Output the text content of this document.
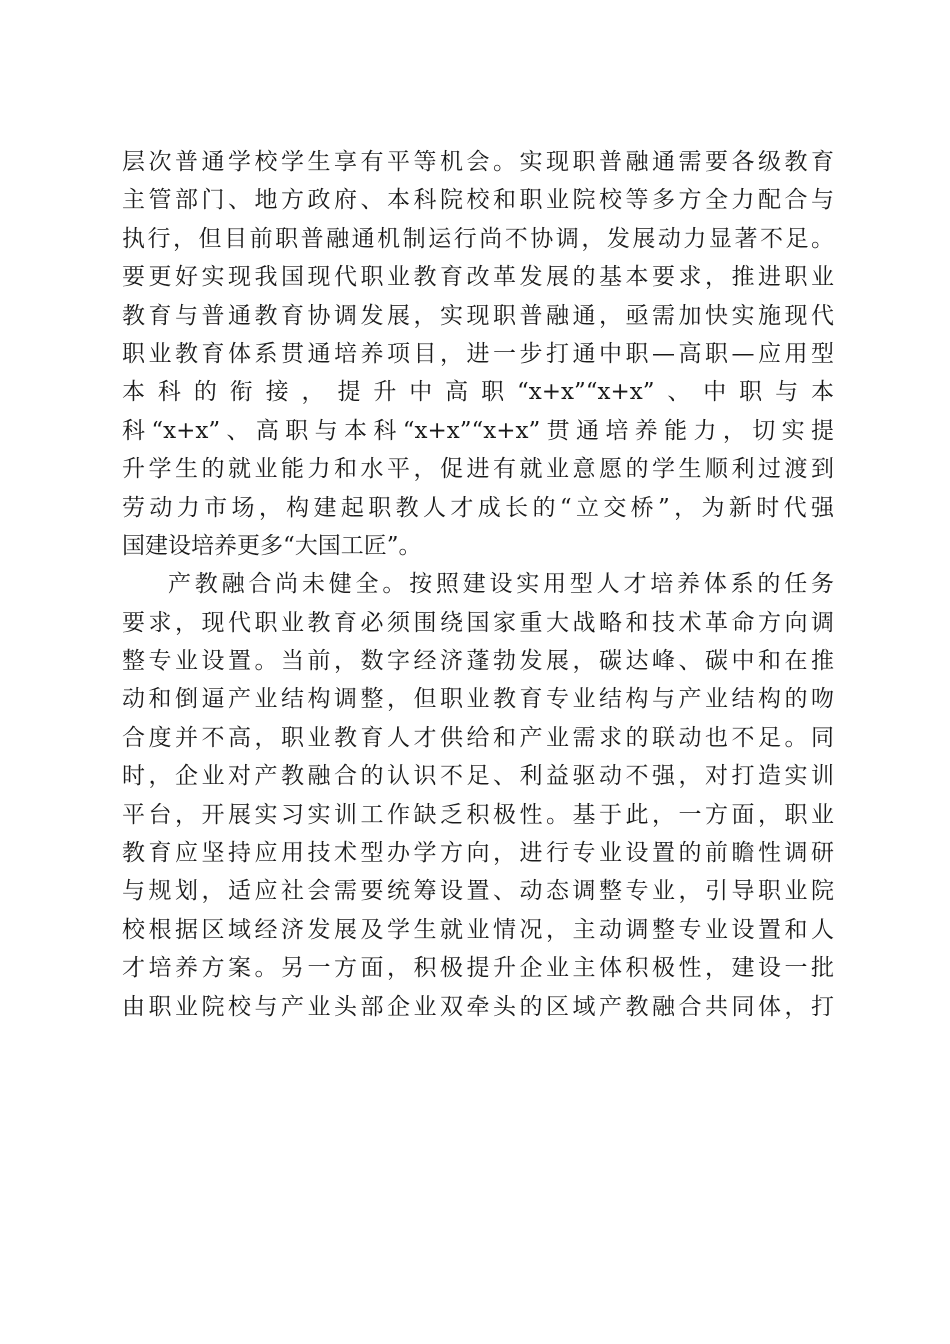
层次普通学校学生享有平等机会。实现职普融通需要各级教育
主管部门、地方政府、本科院校和职业院校等多方全力配合与
执行，但目前职普融通机制运行尚不协调，发展动力显著不足。
要更好实现我国现代职业教育改革发展的基本要求，推进职业
教育与普通教育协调发展，实现职普融通，亟需加快实施现代
职业教育体系贯通培养项目，进一步打通中职—高职—应用型
本科的衔接，提升中高职“x+x”“x+x”、中职与本
科“x+x”、高职与本科“x+x”“x+x”贯通培养能力，切实提
升学生的就业能力和水平，促进有就业意愿的学生顺利过渡到
劳动力市场，构建起职教人才成长的“立交桥”，为新时代强
国建设培养更多“大国工匠”。
产教融合尚未健全。按照建设实用型人才培养体系的任务
要求，现代职业教育必须围绕国家重大战略和技术革命方向调
整专业设置。当前，数字经济蓬勃发展，碳达峰、碳中和在推
动和倒逼产业结构调整，但职业教育专业结构与产业结构的吻
合度并不高，职业教育人才供给和产业需求的联动也不足。同
时，企业对产教融合的认识不足、利益驱动不强，对打造实训
平台，开展实习实训工作缺乏积极性。基于此，一方面，职业
教育应坚持应用技术型办学方向，进行专业设置的前瞻性调研
与规划，适应社会需要统筹设置、动态调整专业，引导职业院
校根据区域经济发展及学生就业情况，主动调整专业设置和人
才培养方案。另一方面，积极提升企业主体积极性，建设一批
由职业院校与产业头部企业双牵头的区域产教融合共同体，打
